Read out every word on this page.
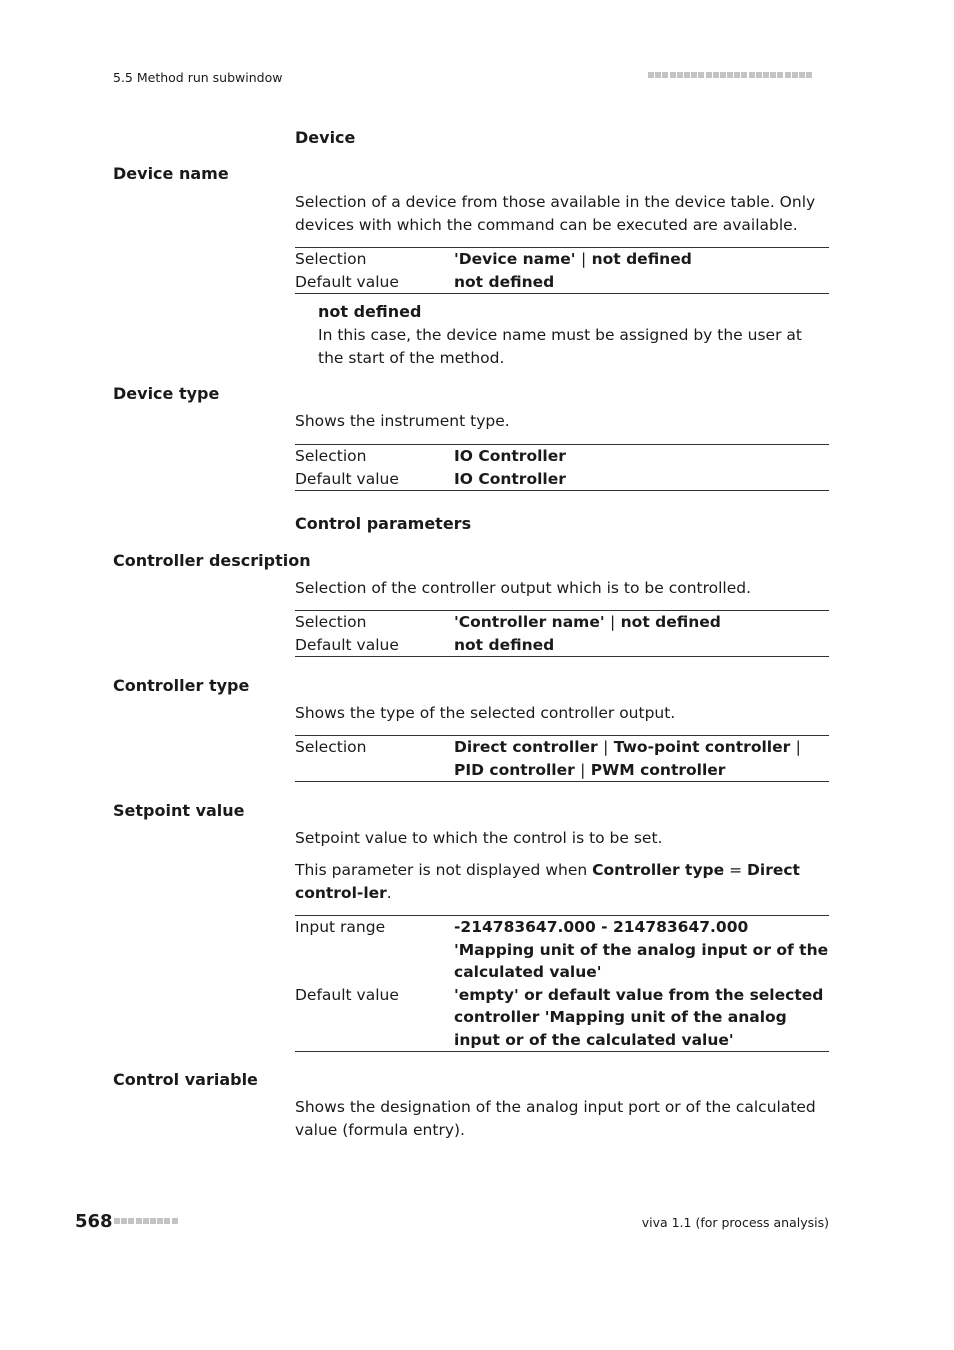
5.5 Method run subwindow
Device
Device name
Selection of a device from those available in the device table. Only devices with which the command can be executed are available.
Selection	'Device name' | not defined
Default value	not defined
not defined
In this case, the device name must be assigned by the user at the start of the method.
Device type
Shows the instrument type.
Selection	IO Controller
Default value	IO Controller
Control parameters
Controller description
Selection of the controller output which is to be controlled.
Selection	'Controller name' | not defined
Default value	not defined
Controller type
Shows the type of the selected controller output.
Selection	Direct controller | Two-point controller | PID controller | PWM controller
Setpoint value
Setpoint value to which the control is to be set.
This parameter is not displayed when Controller type = Direct control-ler.
Input range	-214783647.000 - 214783647.000 'Mapping unit of the analog input or of the calculated value'
Default value	'empty' or default value from the selected controller 'Mapping unit of the analog input or of the calculated value'
Control variable
Shows the designation of the analog input port or of the calculated value (formula entry).
568	viva 1.1 (for process analysis)
